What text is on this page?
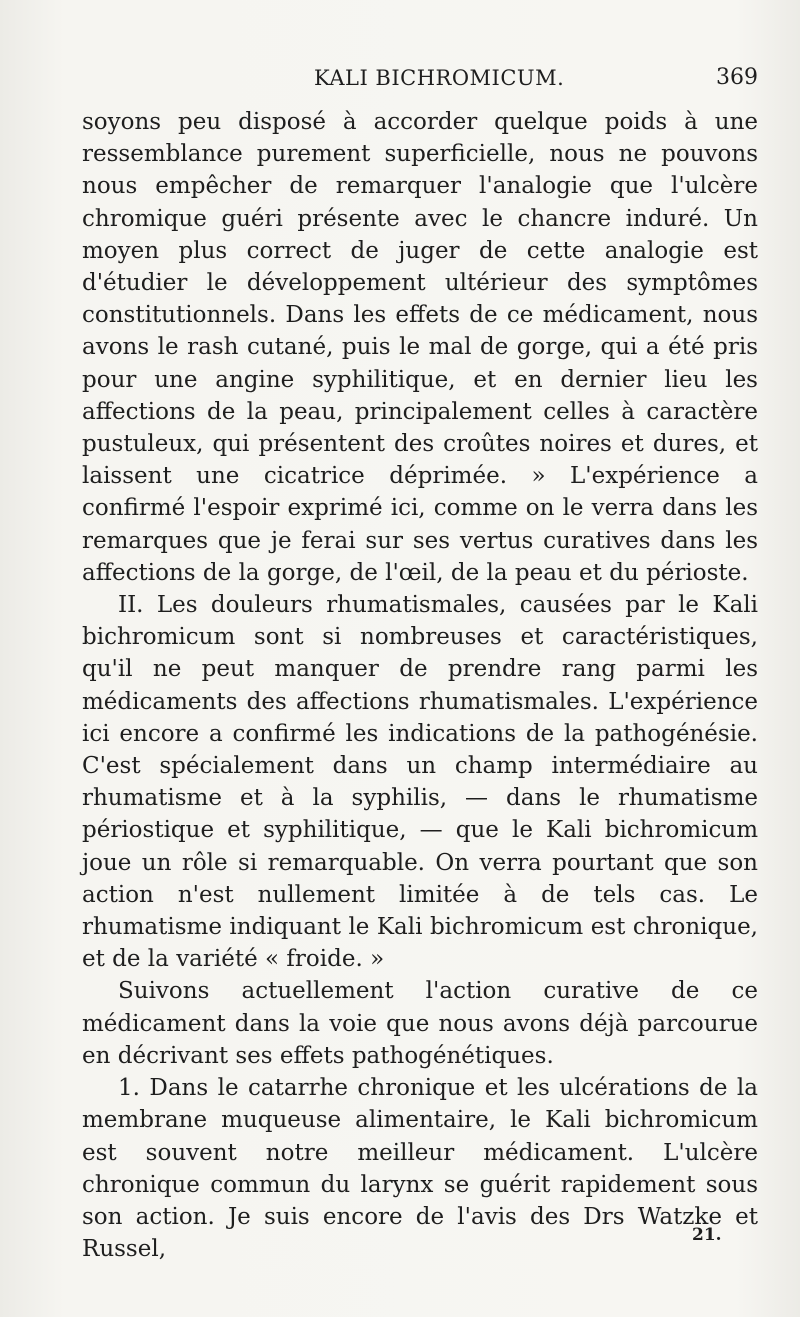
KALI BICHROMICUM.	369

soyons peu disposé à accorder quelque poids à une ressemblance purement superficielle, nous ne pouvons nous empêcher de remarquer l'analogie que l'ulcère chromique guéri présente avec le chancre induré. Un moyen plus correct de juger de cette analogie est d'étudier le développement ultérieur des symptômes constitutionnels. Dans les effets de ce médicament, nous avons le rash cutané, puis le mal de gorge, qui a été pris pour une angine syphilitique, et en dernier lieu les affections de la peau, principalement celles à caractère pustuleux, qui présentent des croûtes noires et dures, et laissent une cicatrice déprimée. » L'expérience a confirmé l'espoir exprimé ici, comme on le verra dans les remarques que je ferai sur ses vertus curatives dans les affections de la gorge, de l'œil, de la peau et du périoste.

II. Les douleurs rhumatismales, causées par le Kali bichromicum sont si nombreuses et caractéristiques, qu'il ne peut manquer de prendre rang parmi les médicaments des affections rhumatismales. L'expérience ici encore a confirmé les indications de la pathogénésie. C'est spécialement dans un champ intermédiaire au rhumatisme et à la syphilis, — dans le rhumatisme périostique et syphilitique, — que le Kali bichromicum joue un rôle si remarquable. On verra pourtant que son action n'est nullement limitée à de tels cas. Le rhumatisme indiquant le Kali bichromicum est chronique, et de la variété « froide. »

Suivons actuellement l'action curative de ce médicament dans la voie que nous avons déjà parcourue en décrivant ses effets pathogénétiques.

1. Dans le catarrhe chronique et les ulcérations de la membrane muqueuse alimentaire, le Kali bichromicum est souvent notre meilleur médicament. L'ulcère chronique commun du larynx se guérit rapidement sous son action. Je suis encore de l'avis des Drs Watzke et Russel,

21.
